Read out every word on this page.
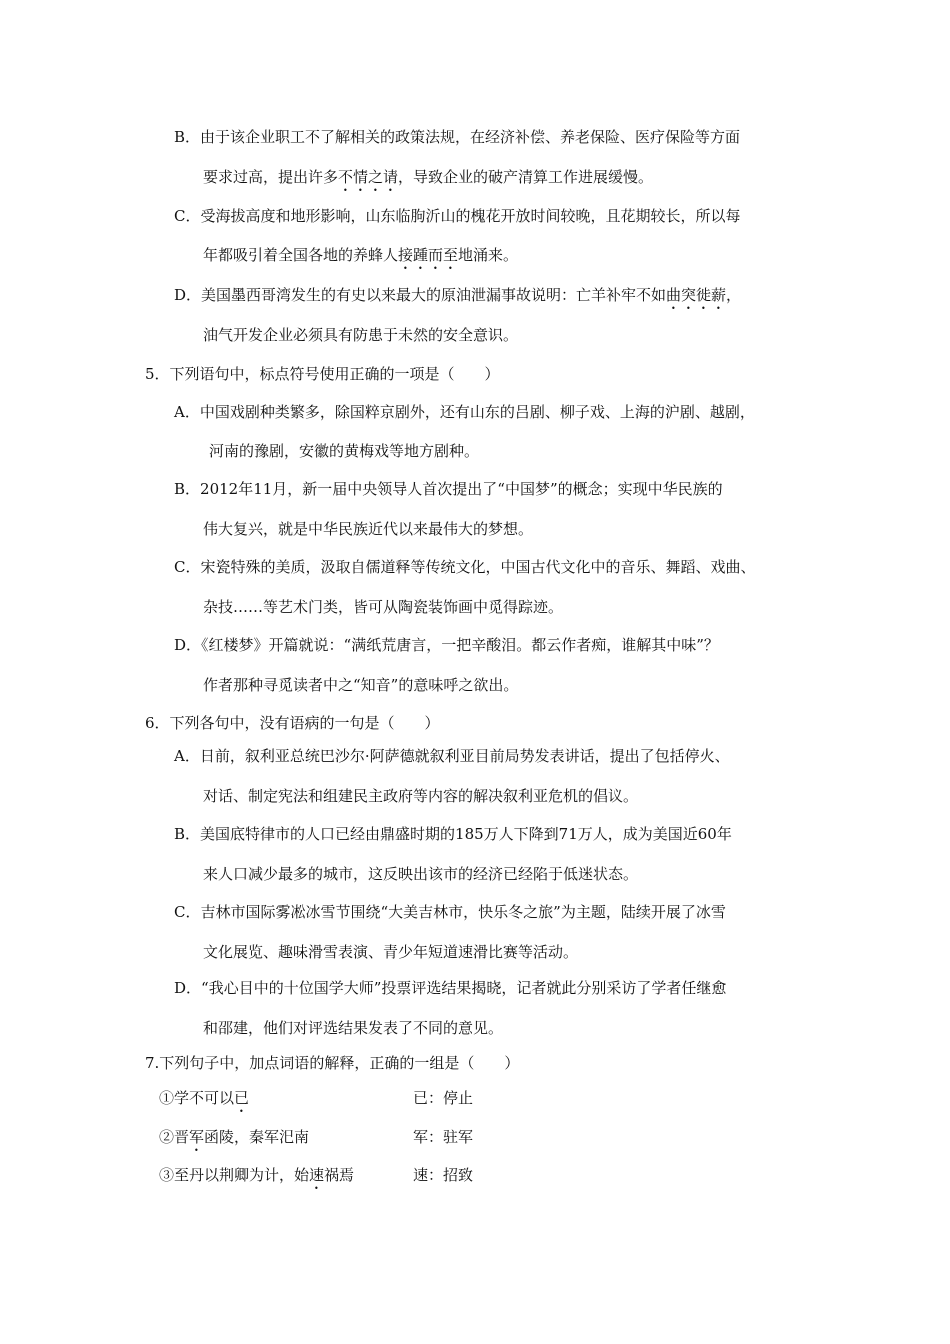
B．由于该企业职工不了解相关的政策法规，在经济补偿、养老保险、医疗保险等方面
要求过高，提出许多不情之请，导致企业的破产清算工作进展缓慢。
C．受海拔高度和地形影响，山东临朐沂山的槐花开放时间较晚，且花期较长，所以每
年都吸引着全国各地的养蜂人接踵而至地涌来。
D．美国墨西哥湾发生的有史以来最大的原油泄漏事故说明：亡羊补牢不如曲突徙薪，
油气开发企业必须具有防患于未然的安全意识。
5．下列语句中，标点符号使用正确的一项是（　　）
A．中国戏剧种类繁多，除国粹京剧外，还有山东的吕剧、柳子戏、上海的沪剧、越剧，
河南的豫剧，安徽的黄梅戏等地方剧种。
B．2012年11月，新一届中央领导人首次提出了“中国梦”的概念；实现中华民族的
伟大复兴，就是中华民族近代以来最伟大的梦想。
C．宋瓷特殊的美质，汲取自儒道释等传统文化，中国古代文化中的音乐、舞蹈、戏曲、
杂技……等艺术门类，皆可从陶瓷装饰画中觅得踪迹。
D．《红楼梦》开篇就说：“满纸荒唐言，一把辛酸泪。都云作者痴，谁解其中味”？
作者那种寻觅读者中之“知音”的意味呼之欲出。
6．下列各句中，没有语病的一句是（　　）
A．日前，叙利亚总统巴沙尔·阿萨德就叙利亚目前局势发表讲话，提出了包括停火、
对话、制定宪法和组建民主政府等内容的解决叙利亚危机的倡议。
B．美国底特律市的人口已经由鼎盛时期的185万人下降到71万人，成为美国近60年
来人口减少最多的城市，这反映出该市的经济已经陷于低迷状态。
C．吉林市国际雾凇冰雪节围绕“大美吉林市，快乐冬之旅”为主题，陆续开展了冰雪
文化展览、趣味滑雪表演、青少年短道速滑比赛等活动。
D．“我心目中的十位国学大师”投票评选结果揭晓，记者就此分别采访了学者任继愈
和邵建，他们对评选结果发表了不同的意见。
7.下列句子中，加点词语的解释，正确的一组是（　　）
①学不可以已	已：停止
②晋军函陵，秦军汜南	军：驻军
③至丹以荆卿为计，始速祸焉	速：招致
